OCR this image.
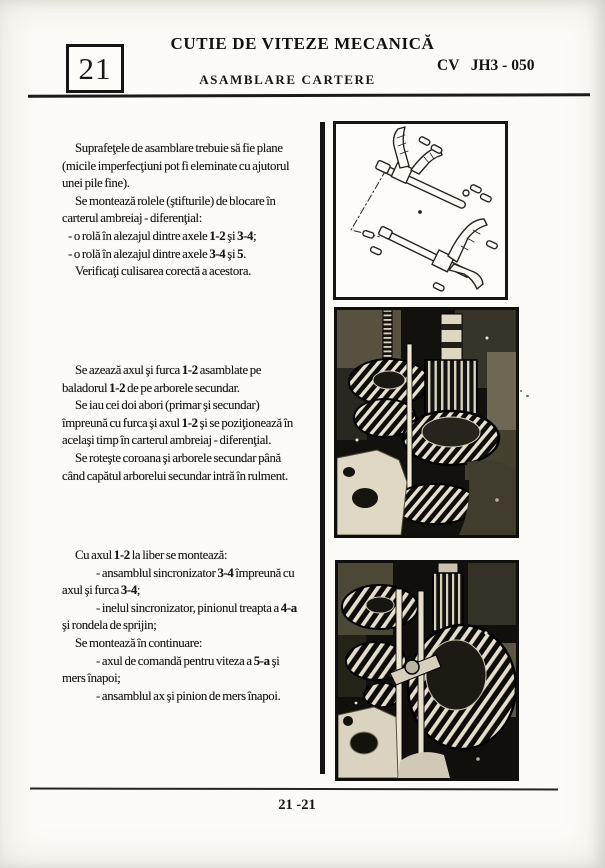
21
CUTIE DE VITEZE MECANICĂ
ASAMBLARE CARTERE
CV   JH3 - 050
Suprafeţele de asamblare trebuie să fie plane
(micile imperfecţiuni pot fi eleminate cu ajutorul
unei pile fine).
Se montează rolele (ştifturile) de blocare în
carterul ambreiaj - diferenţial:
- o rolă în alezajul dintre axele 1-2 şi 3-4;
- o rolă în alezajul dintre axele 3-4 şi 5.
Verificaţi culisarea corectă a acestora.
Se azează axul şi furca 1-2 asamblate pe
baladorul 1-2 de pe arborele secundar.
Se iau cei doi abori (primar şi secundar)
împreună cu furca şi axul 1-2 şi se poziţionează în
acelaşi timp în carterul ambreiaj - diferenţial.
Se roteşte coroana şi arborele secundar până
când capătul arborelui secundar intră în rulment.
Cu axul 1-2 la liber se montează:
- ansamblul sincronizator 3-4 împreună cu
axul şi furca 3-4;
- inelul sincronizator, pinionul treapta a 4-a
şi rondela de sprijin;
Se montează în continuare:
- axul de comandă pentru viteza a 5-a şi
mers înapoi;
- ansamblul ax şi pinion de mers înapoi.
21 -21
